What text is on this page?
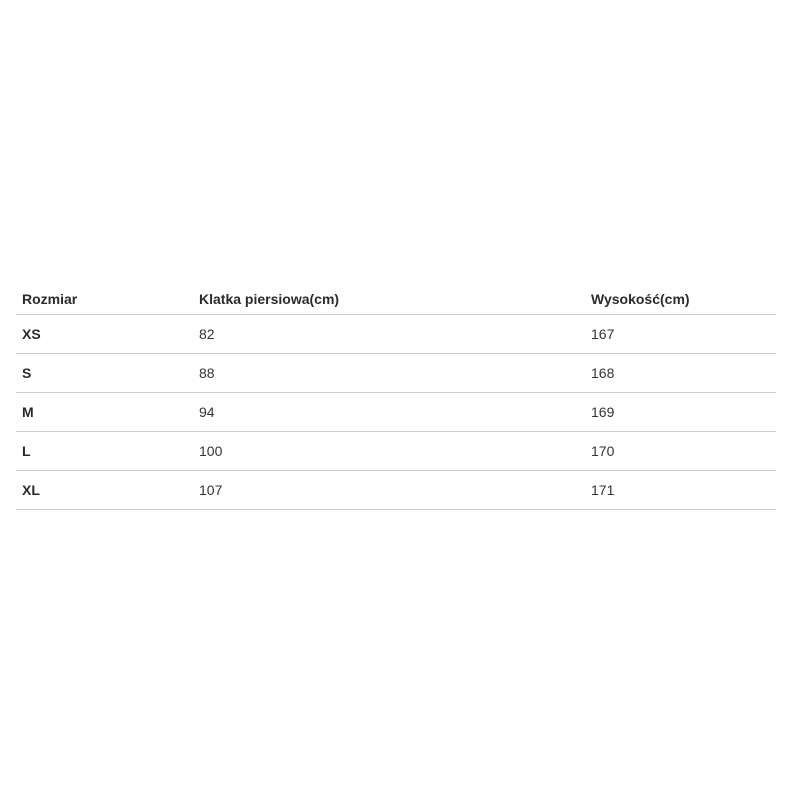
Rozmiar	Klatka piersiowa(cm)	Wysokość(cm)
XS	82	167
S	88	168
M	94	169
L	100	170
XL	107	171
